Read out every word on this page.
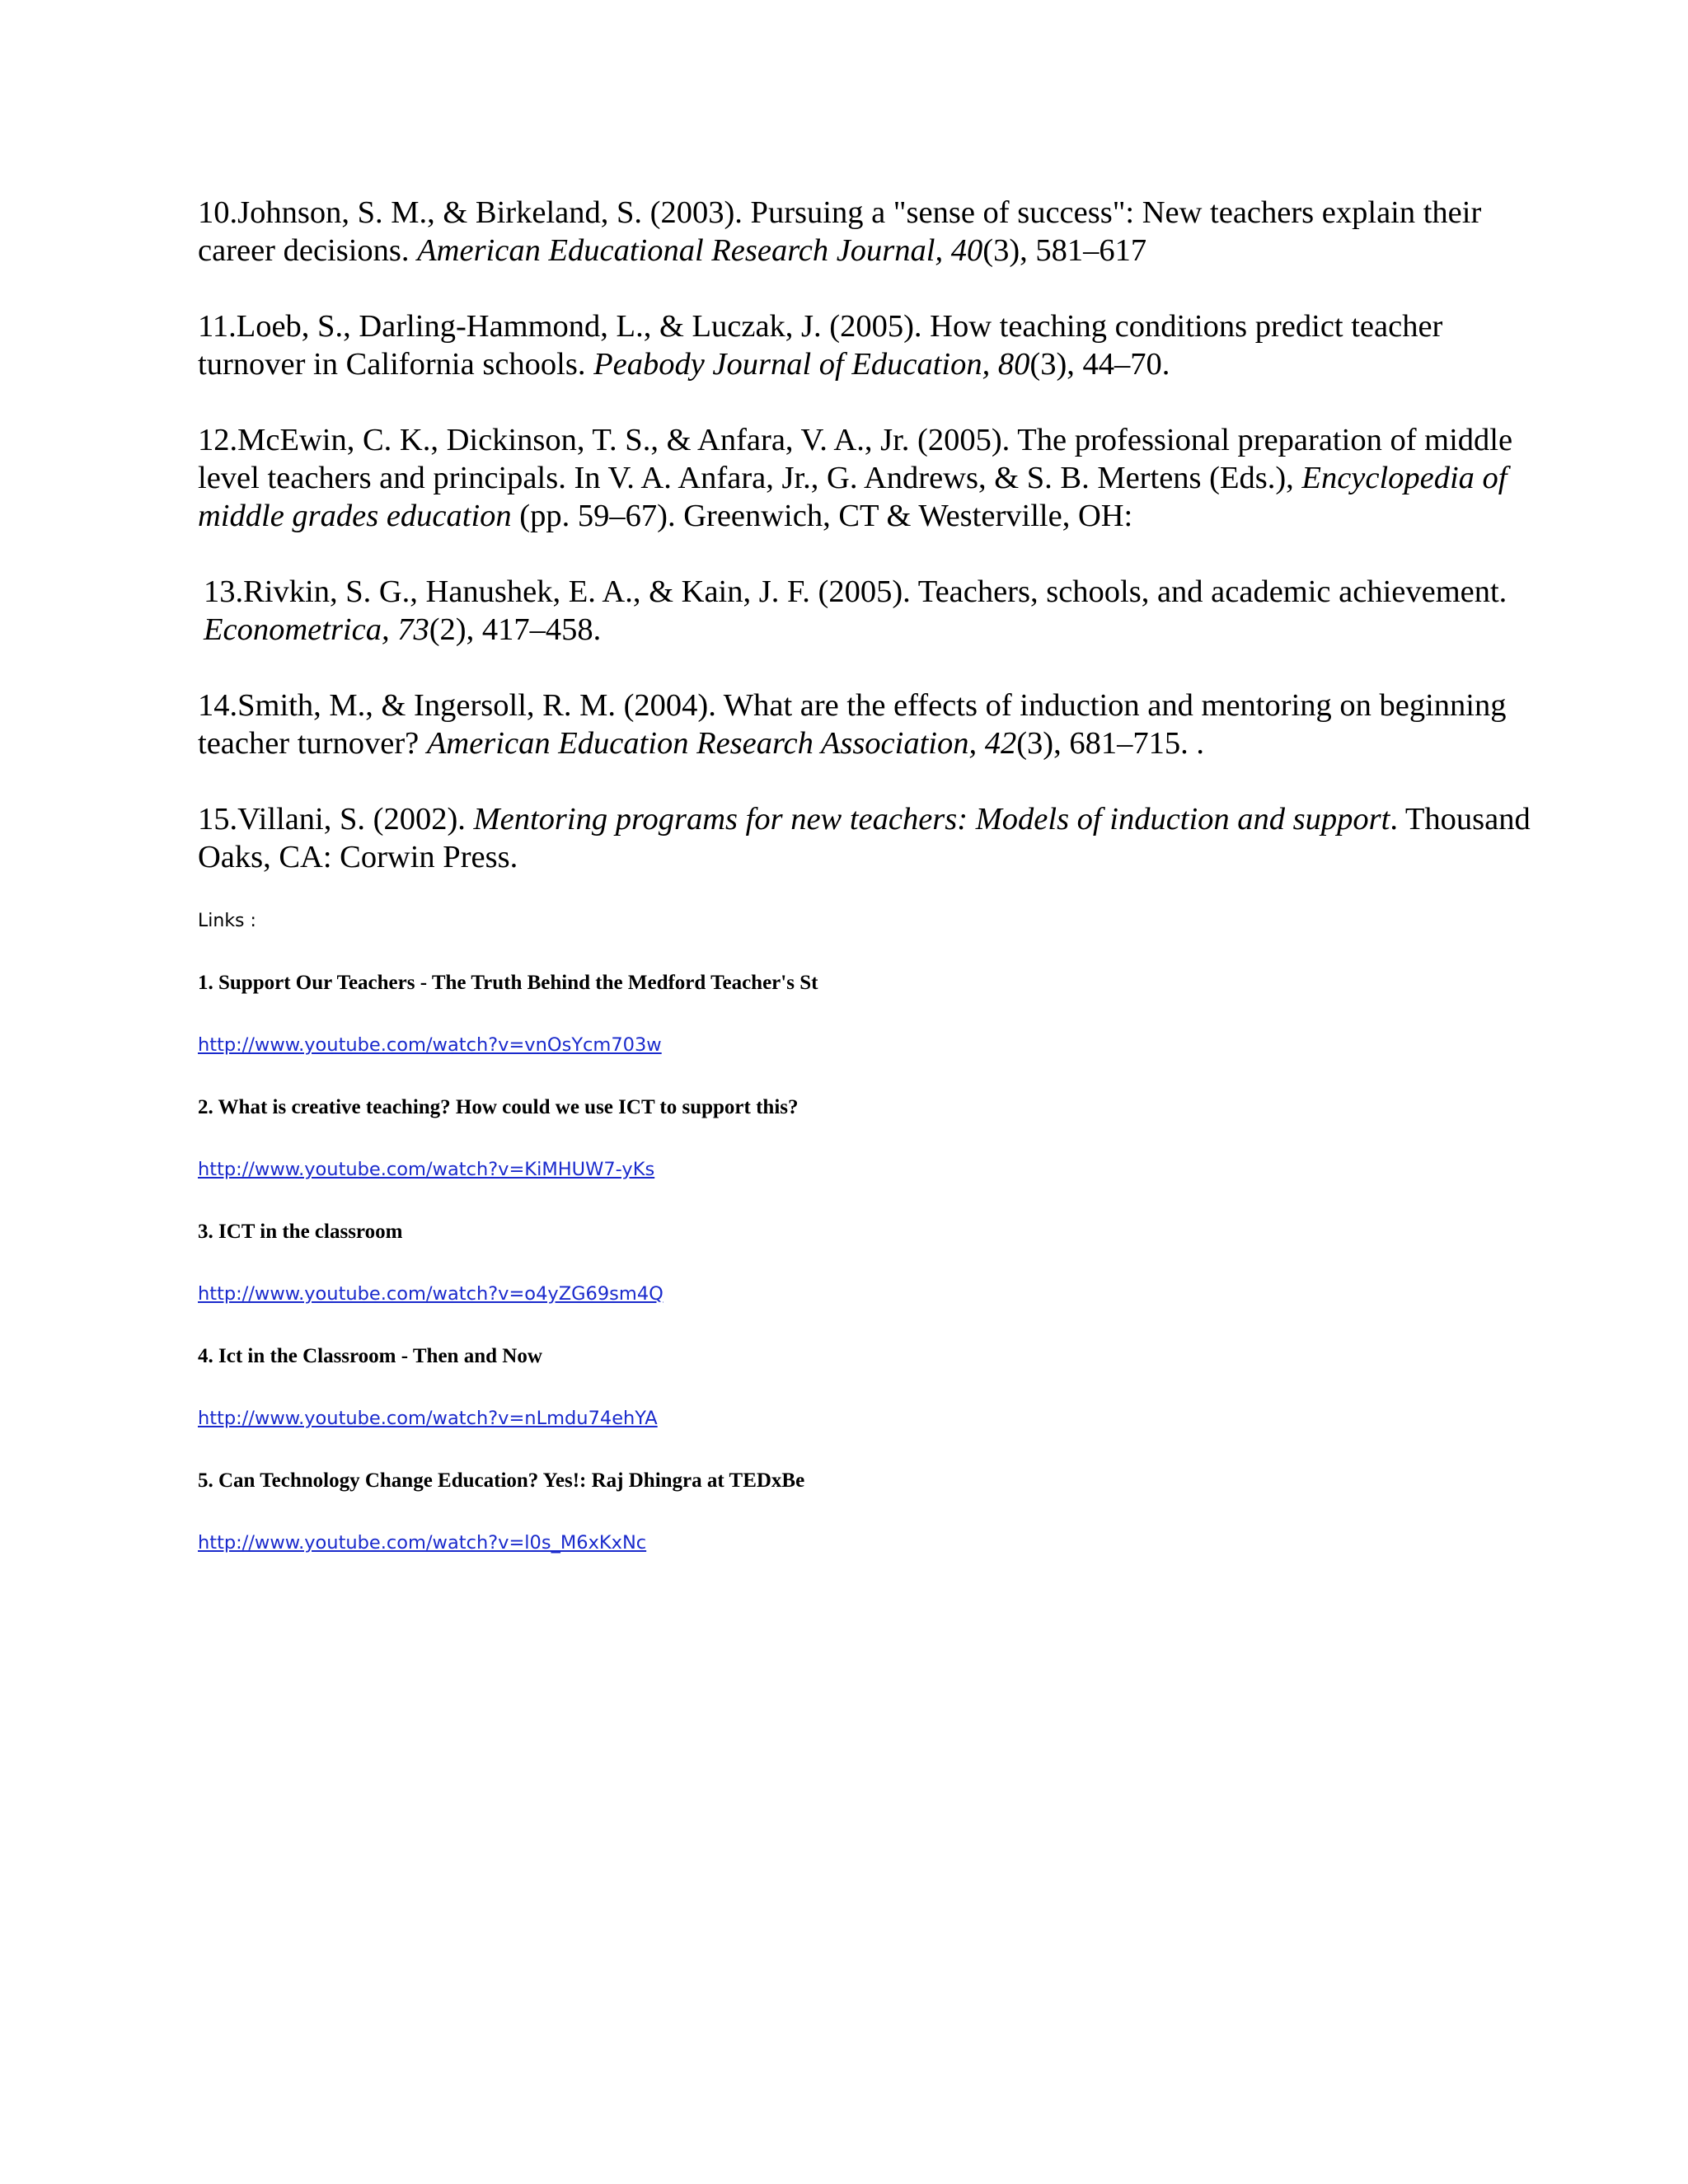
10.Johnson, S. M., & Birkeland, S. (2003). Pursuing a "sense of success": New teachers explain their career decisions. American Educational Research Journal, 40(3), 581–617

11.Loeb, S., Darling-Hammond, L., & Luczak, J. (2005). How teaching conditions predict teacher turnover in California schools. Peabody Journal of Education, 80(3), 44–70.

12.McEwin, C. K., Dickinson, T. S., & Anfara, V. A., Jr. (2005). The professional preparation of middle level teachers and principals. In V. A. Anfara, Jr., G. Andrews, & S. B. Mertens (Eds.), Encyclopedia of middle grades education (pp. 59–67). Greenwich, CT & Westerville, OH:

13.Rivkin, S. G., Hanushek, E. A., & Kain, J. F. (2005). Teachers, schools, and academic achievement. Econometrica, 73(2), 417–458.

14.Smith, M., & Ingersoll, R. M. (2004). What are the effects of induction and mentoring on beginning teacher turnover? American Education Research Association, 42(3), 681–715. .

15.Villani, S. (2002). Mentoring programs for new teachers: Models of induction and support. Thousand Oaks, CA: Corwin Press.

Links :
1. Support Our Teachers - The Truth Behind the Medford Teacher's St
http://www.youtube.com/watch?v=vnOsYcm703w
2. What is creative teaching? How could we use ICT to support this?
http://www.youtube.com/watch?v=KiMHUW7-yKs
3. ICT in the classroom
http://www.youtube.com/watch?v=o4yZG69sm4Q
4. Ict in the Classroom - Then and Now
http://www.youtube.com/watch?v=nLmdu74ehYA
5. Can Technology Change Education? Yes!: Raj Dhingra at TEDxBe
http://www.youtube.com/watch?v=l0s_M6xKxNc
